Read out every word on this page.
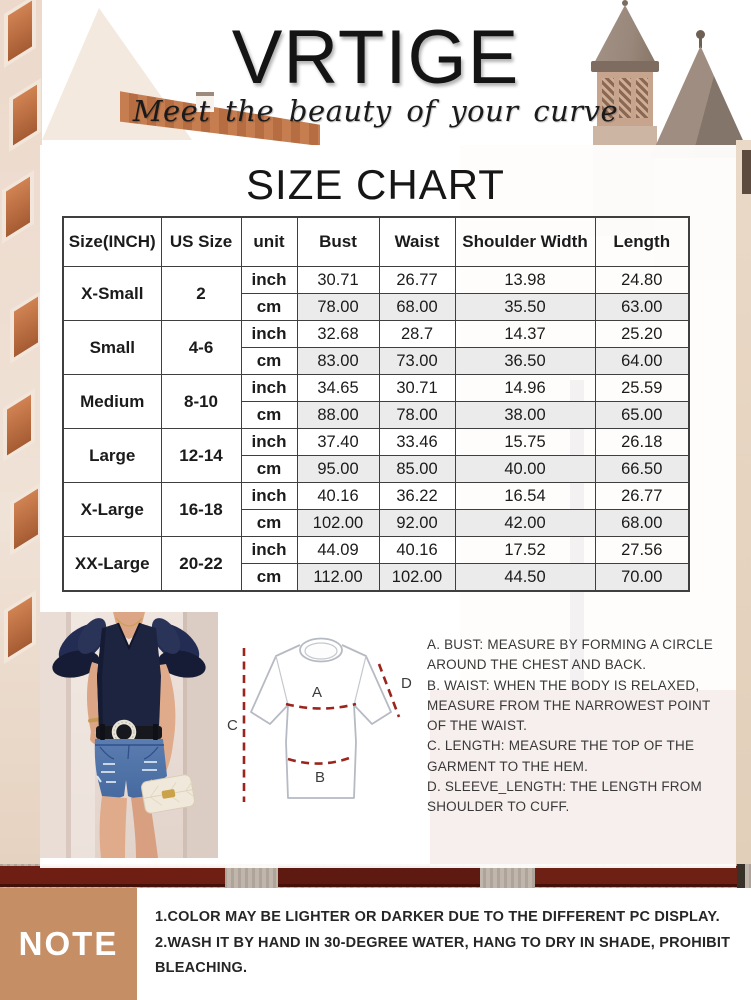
VRTIGE
Meet the beauty of your curve
SIZE CHART
Size(INCH)	US Size	unit	Bust	Waist	Shoulder Width	Length
X-Small	2	inch	30.71	26.77	13.98	24.80
		cm	78.00	68.00	35.50	63.00
Small	4-6	inch	32.68	28.7	14.37	25.20
		cm	83.00	73.00	36.50	64.00
Medium	8-10	inch	34.65	30.71	14.96	25.59
		cm	88.00	78.00	38.00	65.00
Large	12-14	inch	37.40	33.46	15.75	26.18
		cm	95.00	85.00	40.00	66.50
X-Large	16-18	inch	40.16	36.22	16.54	26.77
		cm	102.00	92.00	42.00	68.00
XX-Large	20-22	inch	44.09	40.16	17.52	27.56
		cm	112.00	102.00	44.50	70.00
A
B
C
D
A. BUST: MEASURE BY FORMING A CIRCLE
AROUND THE CHEST AND BACK.
B. WAIST: WHEN THE BODY IS RELAXED,
MEASURE FROM THE NARROWEST POINT
OF THE WAIST.
C. LENGTH: MEASURE THE TOP OF THE
GARMENT TO THE HEM.
D. SLEEVE_LENGTH: THE LENGTH FROM
SHOULDER TO CUFF.
NOTE
1.COLOR MAY BE LIGHTER OR DARKER DUE TO THE DIFFERENT PC DISPLAY.
2.WASH IT BY HAND IN 30-DEGREE WATER, HANG TO DRY IN SHADE, PROHIBIT
BLEACHING.
